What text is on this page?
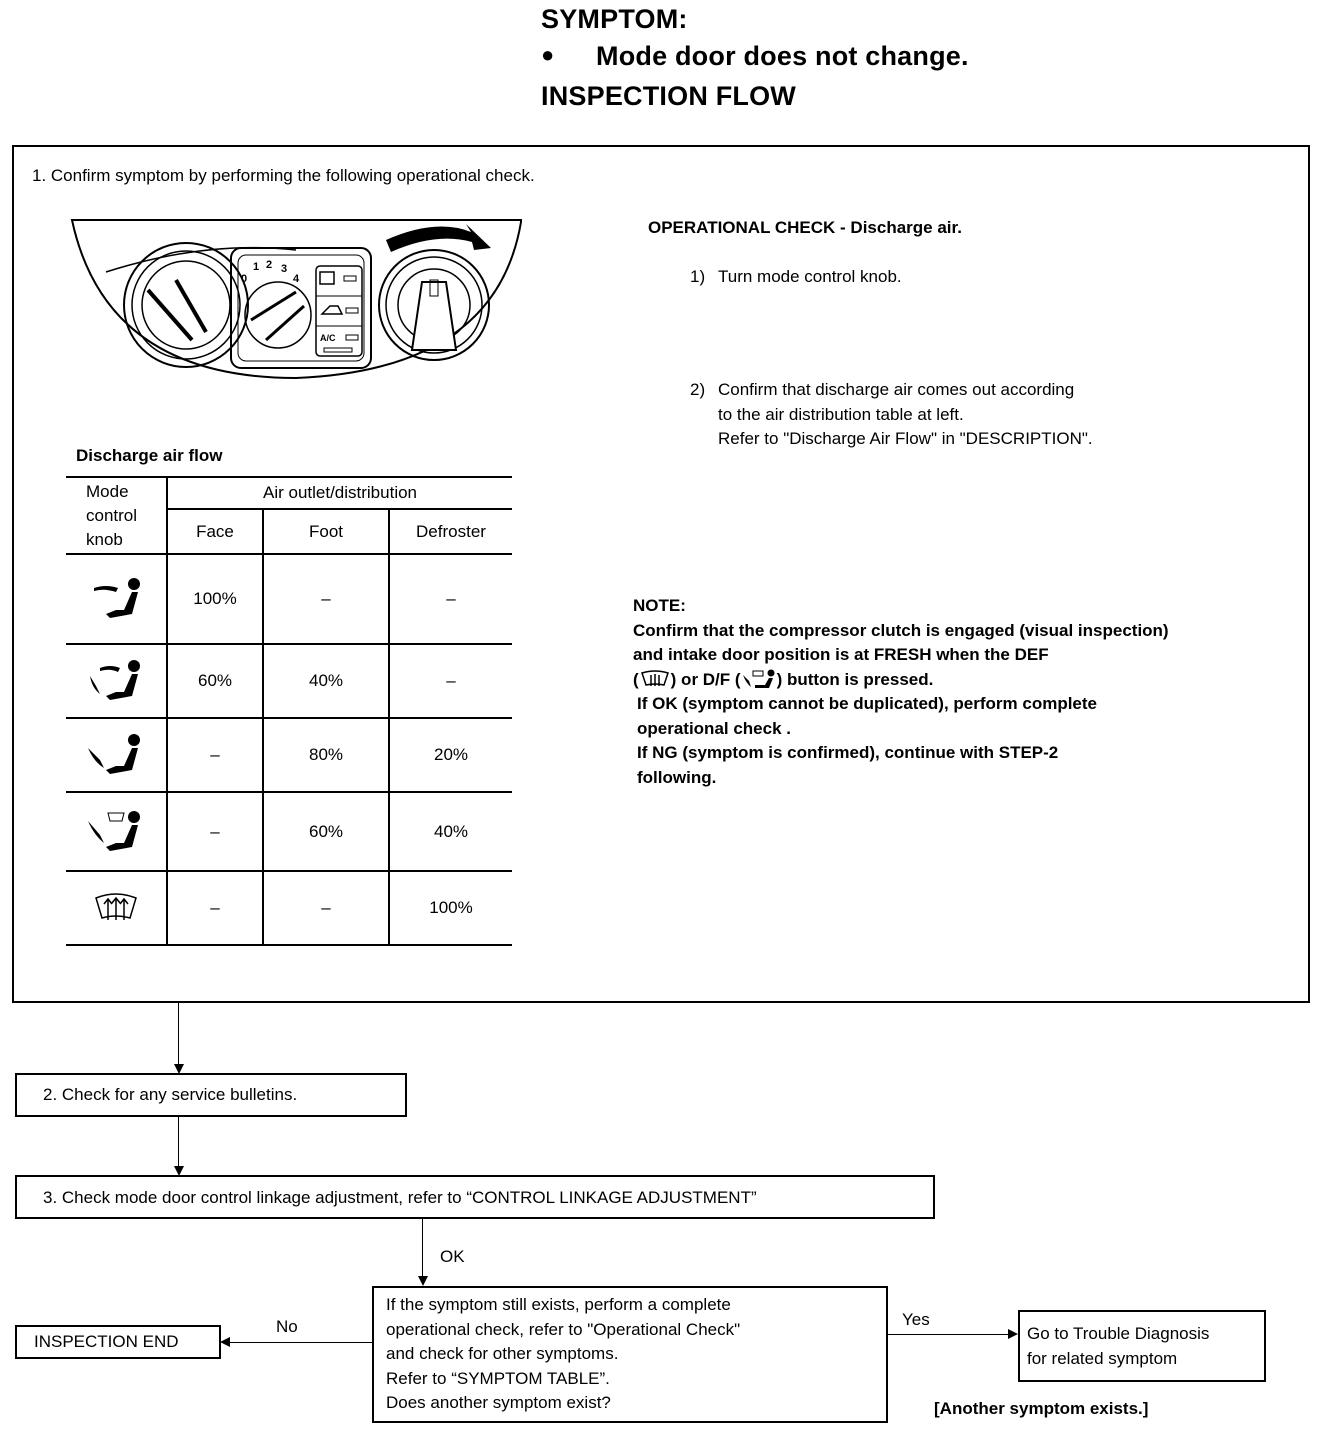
SYMPTOM:
● Mode door does not change.
INSPECTION FLOW
1. Confirm symptom by performing the following operational check.
0
1 2 3
4
A/C
OPERATIONAL CHECK - Discharge air.
1) Turn mode control knob.
2) Confirm that discharge air comes out according
to the air distribution table at left.
Refer to "Discharge Air Flow" in "DESCRIPTION".
Discharge air flow
Mode
control
knob	Air outlet/distribution		
	Face	Foot	Defroster

	100%	–	–

	60%	40%	–

	–	80%	20%

	–	60%	40%

	–	–	100%
NOTE:
Confirm that the compressor clutch is engaged (visual inspection)
and intake door position is at FRESH when the DEF
( ) or D/F ( ) button is pressed.
If OK (symptom cannot be duplicated), perform complete
operational check .
If NG (symptom is confirmed), continue with STEP-2
following.
2. Check for any service bulletins.
3. Check mode door control linkage adjustment, refer to “CONTROL LINKAGE ADJUSTMENT”
OK
If the symptom still exists, perform a complete
operational check, refer to "Operational Check"
and check for other symptoms.
Refer to “SYMPTOM TABLE”.
Does another symptom exist?
No
INSPECTION END
Yes
Go to Trouble Diagnosis
for related symptom
[Another symptom exists.]
